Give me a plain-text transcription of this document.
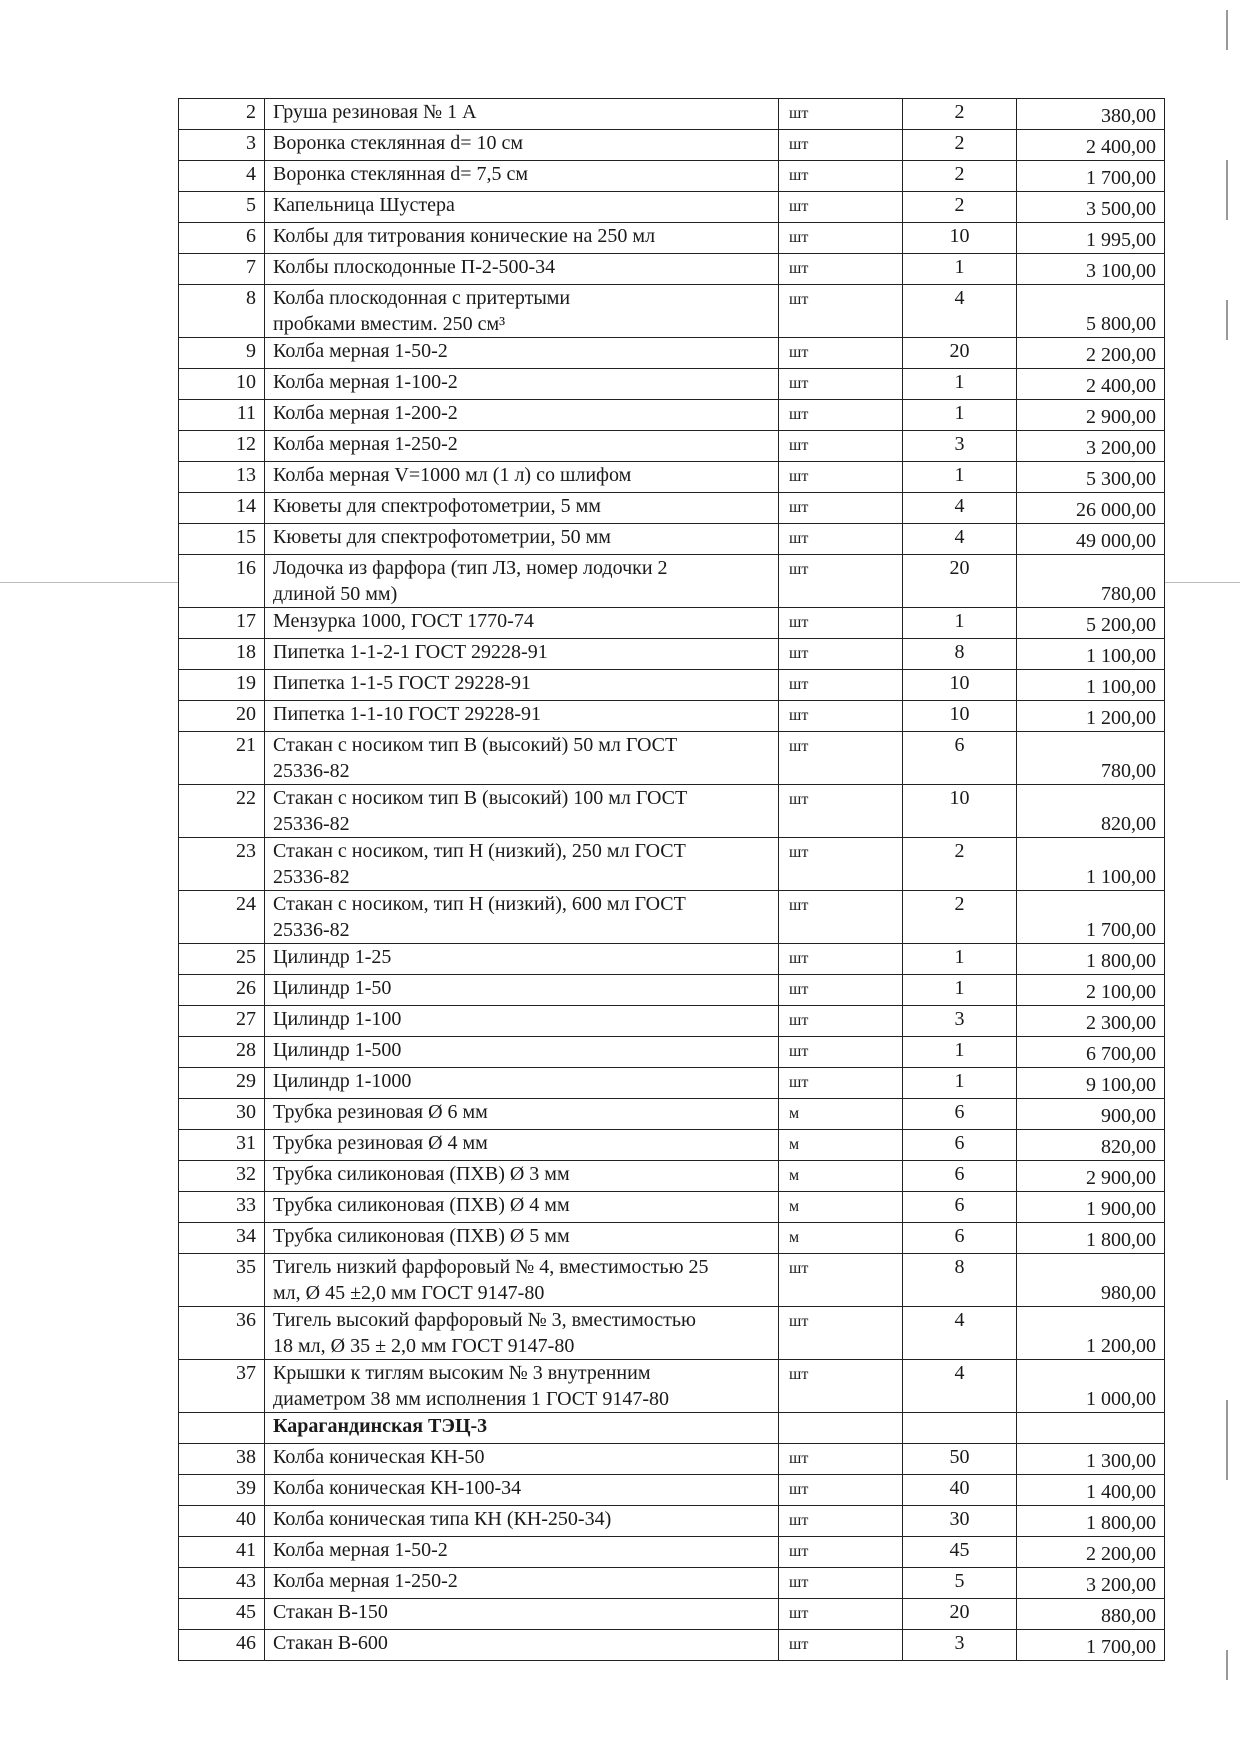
2	Груша резиновая № 1 А	шт	2	380,00
3	Воронка стеклянная d= 10 см	шт	2	2 400,00
4	Воронка стеклянная d= 7,5 см	шт	2	1 700,00
5	Капельница Шустера	шт	2	3 500,00
6	Колбы для титрования конические на 250 мл	шт	10	1 995,00
7	Колбы плоскодонные П-2-500-34	шт	1	3 100,00
8	Колба плоскодонная с притертыми
пробками вместим. 250 см³	шт	4	5 800,00
9	Колба мерная 1-50-2	шт	20	2 200,00
10	Колба мерная 1-100-2	шт	1	2 400,00
11	Колба мерная 1-200-2	шт	1	2 900,00
12	Колба мерная 1-250-2	шт	3	3 200,00
13	Колба мерная V=1000 мл (1 л) со шлифом	шт	1	5 300,00
14	Кюветы для спектрофотометрии, 5 мм	шт	4	26 000,00
15	Кюветы для спектрофотометрии, 50 мм	шт	4	49 000,00
16	Лодочка из фарфора (тип ЛЗ, номер лодочки 2
длиной 50 мм)	шт	20	780,00
17	Мензурка 1000, ГОСТ 1770-74	шт	1	5 200,00
18	Пипетка 1-1-2-1 ГОСТ 29228-91	шт	8	1 100,00
19	Пипетка 1-1-5 ГОСТ 29228-91	шт	10	1 100,00
20	Пипетка 1-1-10 ГОСТ 29228-91	шт	10	1 200,00
21	Стакан с носиком тип В (высокий) 50 мл ГОСТ
25336-82	шт	6	780,00
22	Стакан с носиком тип В (высокий) 100 мл ГОСТ
25336-82	шт	10	820,00
23	Стакан с носиком, тип Н (низкий), 250 мл ГОСТ
25336-82	шт	2	1 100,00
24	Стакан с носиком, тип Н (низкий), 600 мл ГОСТ
25336-82	шт	2	1 700,00
25	Цилиндр 1-25	шт	1	1 800,00
26	Цилиндр 1-50	шт	1	2 100,00
27	Цилиндр 1-100	шт	3	2 300,00
28	Цилиндр 1-500	шт	1	6 700,00
29	Цилиндр 1-1000	шт	1	9 100,00
30	Трубка резиновая Ø 6 мм	м	6	900,00
31	Трубка резиновая Ø 4 мм	м	6	820,00
32	Трубка силиконовая (ПХВ) Ø 3 мм	м	6	2 900,00
33	Трубка силиконовая (ПХВ) Ø 4 мм	м	6	1 900,00
34	Трубка силиконовая (ПХВ) Ø 5 мм	м	6	1 800,00
35	Тигель низкий фарфоровый № 4, вместимостью 25
мл, Ø 45 ±2,0 мм ГОСТ 9147-80	шт	8	980,00
36	Тигель высокий фарфоровый № 3, вместимостью
18 мл, Ø 35 ± 2,0 мм ГОСТ 9147-80	шт	4	1 200,00
37	Крышки к тиглям высоким № 3 внутренним
диаметром 38 мм исполнения 1 ГОСТ 9147-80	шт	4	1 000,00

	Карагандинская ТЭЦ-3			

38	Колба коническая КН-50	шт	50	1 300,00
39	Колба коническая КН-100-34	шт	40	1 400,00
40	Колба коническая типа КН (КН-250-34)	шт	30	1 800,00
41	Колба мерная 1-50-2	шт	45	2 200,00
43	Колба мерная 1-250-2	шт	5	3 200,00
45	Стакан В-150	шт	20	880,00
46	Стакан В-600	шт	3	1 700,00
